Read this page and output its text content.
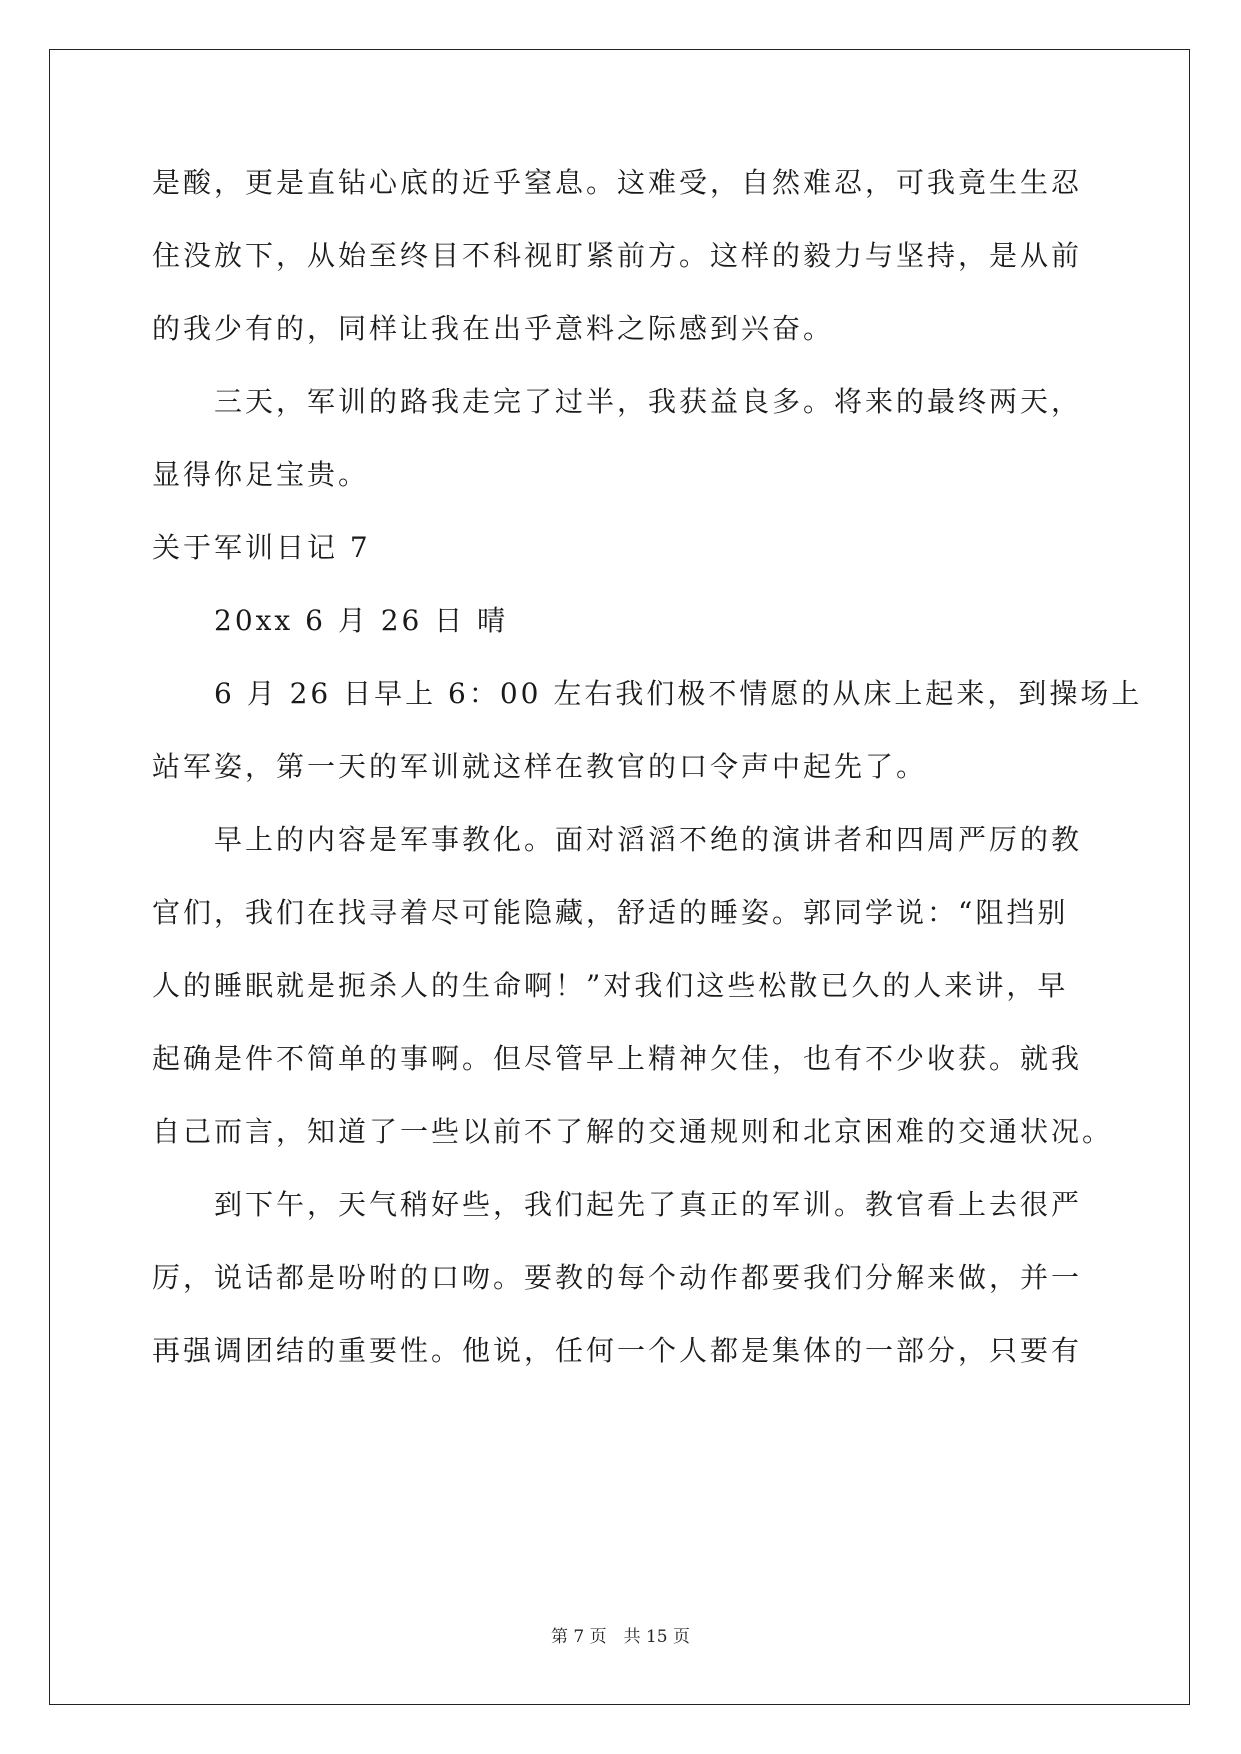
是酸，更是直钻心底的近乎窒息。这难受，自然难忍，可我竟生生忍
住没放下，从始至终目不科视盯紧前方。这样的毅力与坚持，是从前
的我少有的，同样让我在出乎意料之际感到兴奋。
三天，军训的路我走完了过半，我获益良多。将来的最终两天，
显得你足宝贵。
关于军训日记 7
20xx 6 月 26 日 晴
6 月 26 日早上 6：00 左右我们极不情愿的从床上起来，到操场上
站军姿，第一天的军训就这样在教官的口令声中起先了。
早上的内容是军事教化。面对滔滔不绝的演讲者和四周严厉的教
官们，我们在找寻着尽可能隐藏，舒适的睡姿。郭同学说：“阻挡别
人的睡眠就是扼杀人的生命啊！”对我们这些松散已久的人来讲，早
起确是件不简单的事啊。但尽管早上精神欠佳，也有不少收获。就我
自己而言，知道了一些以前不了解的交通规则和北京困难的交通状况。
到下午，天气稍好些，我们起先了真正的军训。教官看上去很严
厉，说话都是吩咐的口吻。要教的每个动作都要我们分解来做，并一
再强调团结的重要性。他说，任何一个人都是集体的一部分，只要有
第 7 页　共 15 页
